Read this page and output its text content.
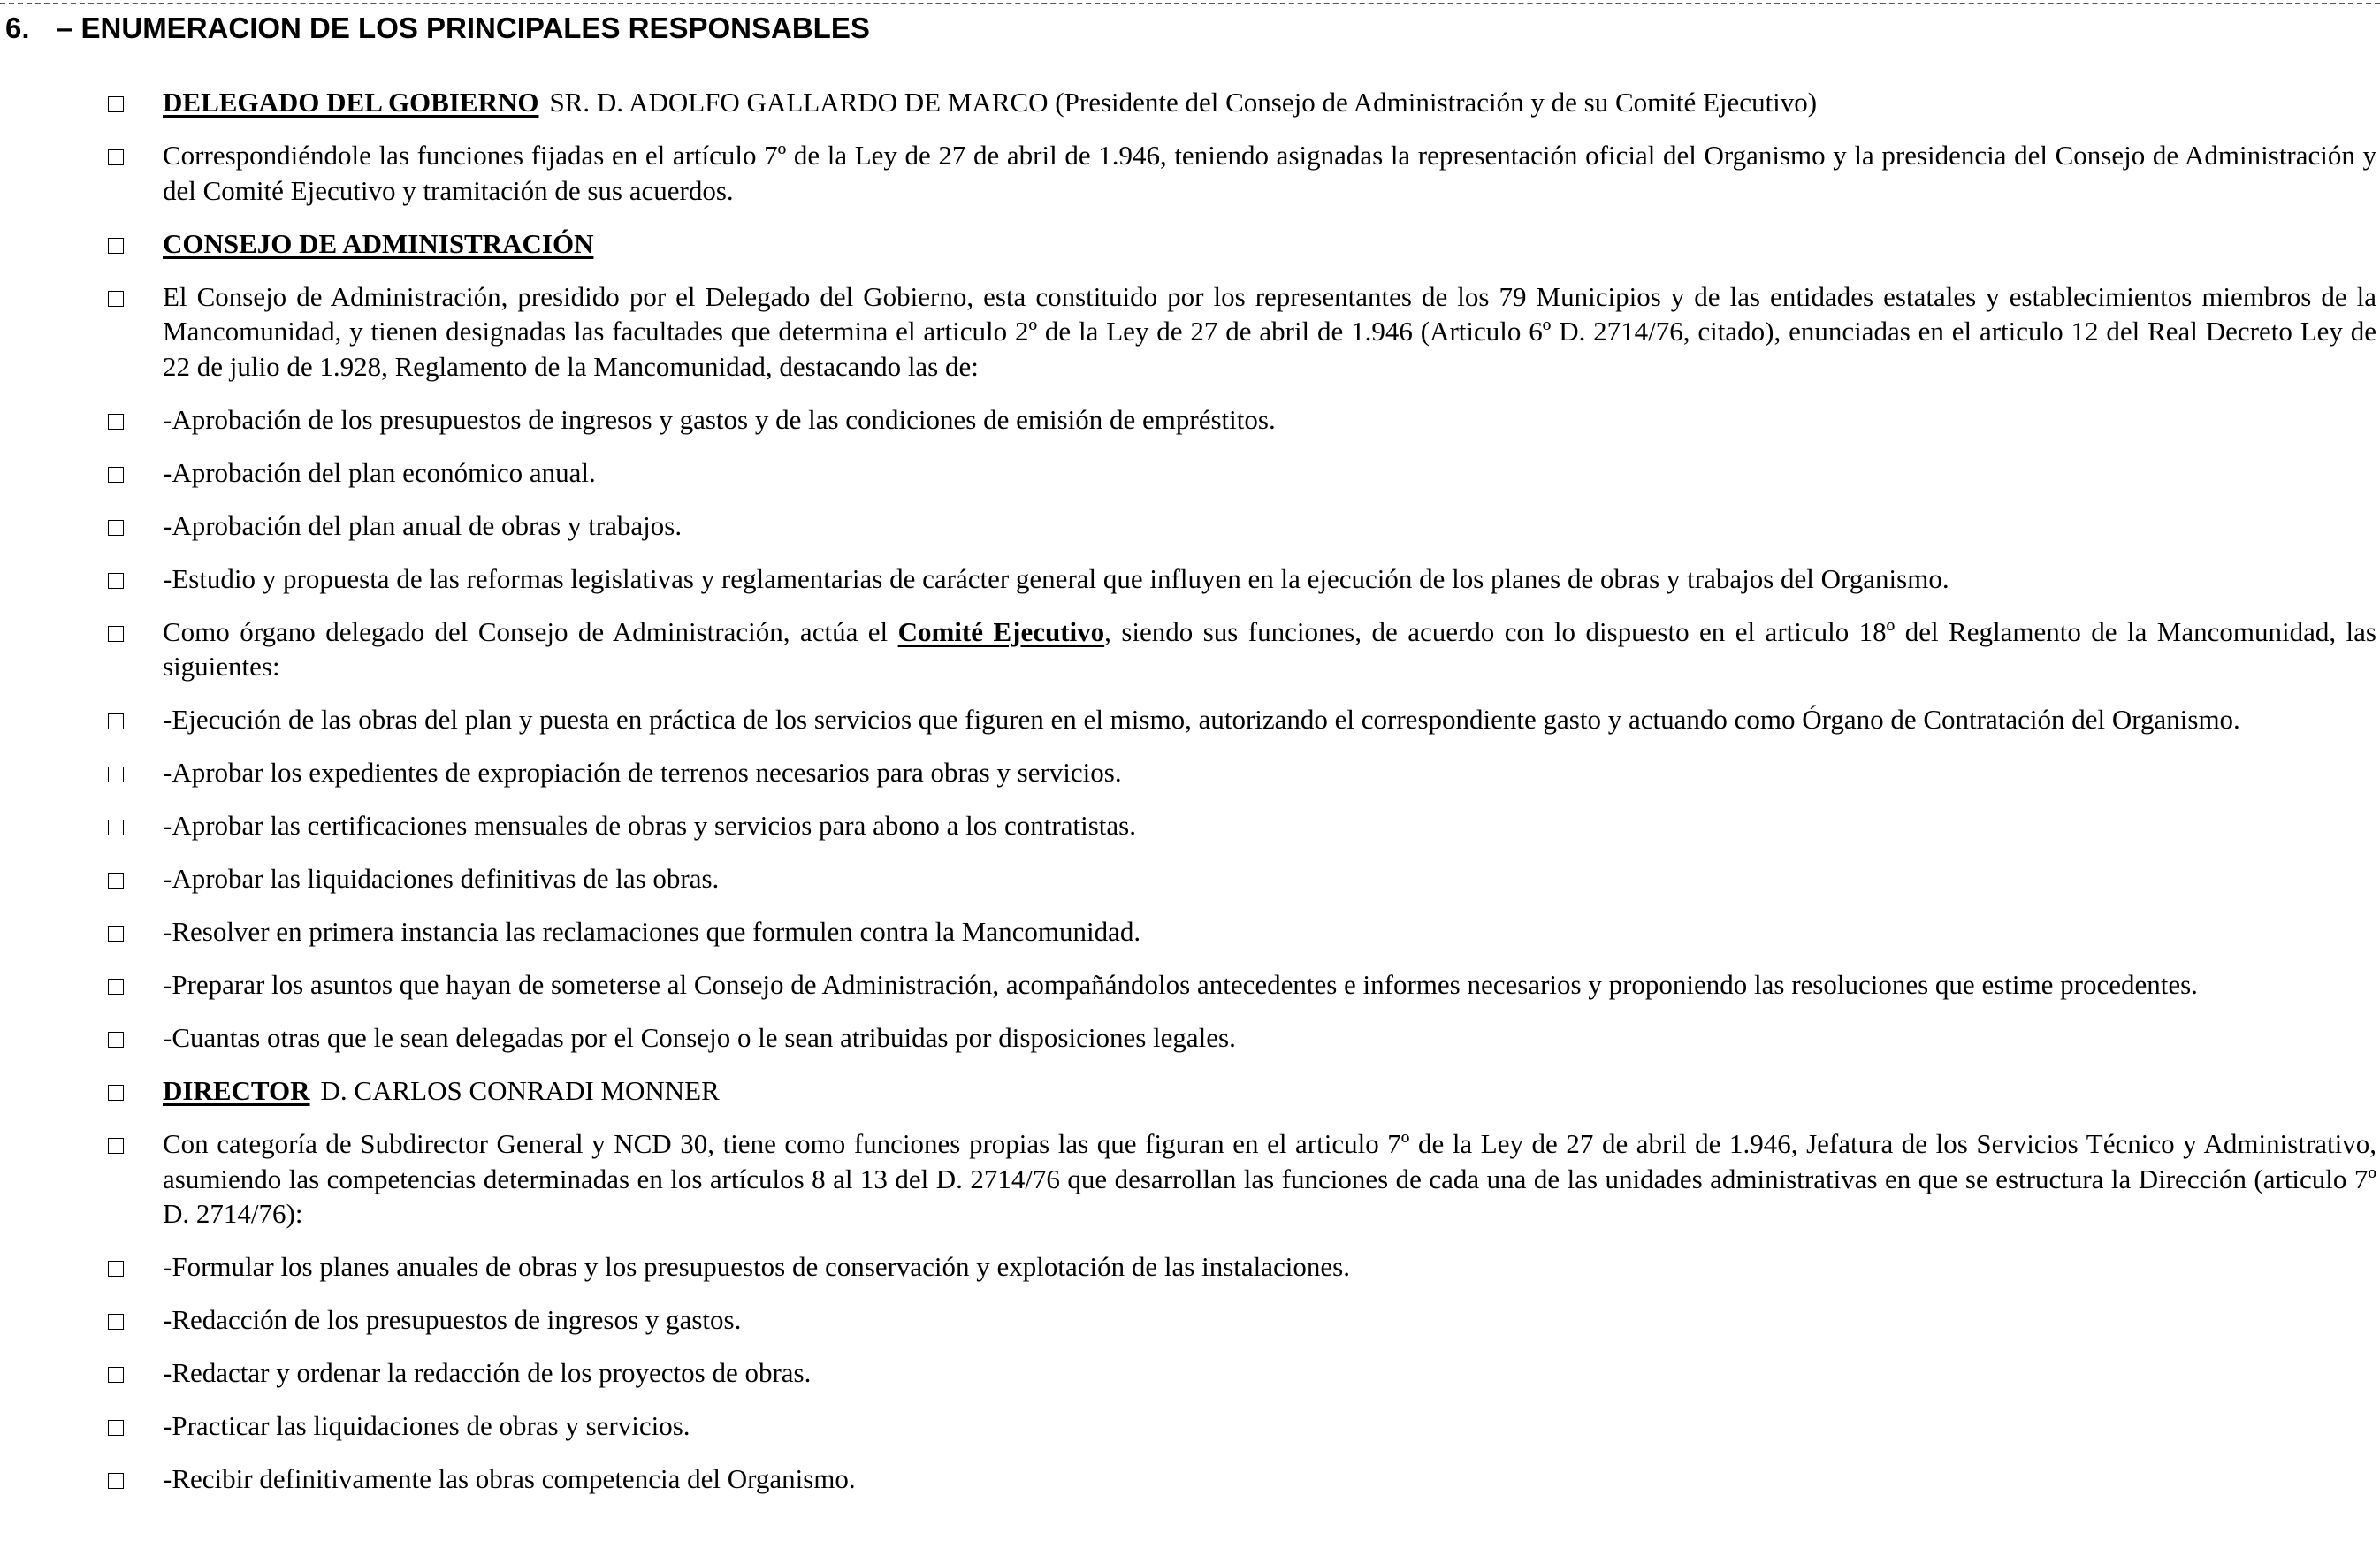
6. – ENUMERACION DE LOS PRINCIPALES RESPONSABLES
DELEGADO DEL GOBIERNO SR. D. ADOLFO GALLARDO DE MARCO (Presidente del Consejo de Administración y de su Comité Ejecutivo)
Correspondiéndole las funciones fijadas en el artículo 7º de la Ley de 27 de abril de 1.946, teniendo asignadas la representación oficial del Organismo y la presidencia del Consejo de Administración y del Comité Ejecutivo y tramitación de sus acuerdos.
CONSEJO DE ADMINISTRACIÓN
El Consejo de Administración, presidido por el Delegado del Gobierno, esta constituido por los representantes de los 79 Municipios y de las entidades estatales y establecimientos miembros de la Mancomunidad, y tienen designadas las facultades que determina el articulo 2º de la Ley de 27 de abril de 1.946 (Articulo 6º D. 2714/76, citado), enunciadas en el articulo 12 del Real Decreto Ley de 22 de julio de 1.928, Reglamento de la Mancomunidad, destacando las de:
-Aprobación de los presupuestos de ingresos y gastos y de las condiciones de emisión de empréstitos.
-Aprobación del plan económico anual.
-Aprobación del plan anual de obras y trabajos.
-Estudio y propuesta de las reformas legislativas y reglamentarias de carácter general que influyen en la ejecución de los planes de obras y trabajos del Organismo.
Como órgano delegado del Consejo de Administración, actúa el Comité Ejecutivo, siendo sus funciones, de acuerdo con lo dispuesto en el articulo 18º del Reglamento de la Mancomunidad, las siguientes:
-Ejecución de las obras del plan y puesta en práctica de los servicios que figuren en el mismo, autorizando el correspondiente gasto y actuando como Órgano de Contratación del Organismo.
-Aprobar los expedientes de expropiación de terrenos necesarios para obras y servicios.
-Aprobar las certificaciones mensuales de obras y servicios para abono a los contratistas.
-Aprobar las liquidaciones definitivas de las obras.
-Resolver en primera instancia las reclamaciones que formulen contra la Mancomunidad.
-Preparar los asuntos que hayan de someterse al Consejo de Administración, acompañándolos antecedentes e informes necesarios y proponiendo las resoluciones que estime procedentes.
-Cuantas otras que le sean delegadas por el Consejo o le sean atribuidas por disposiciones legales.
DIRECTOR D. CARLOS CONRADI MONNER
Con categoría de Subdirector General y NCD 30, tiene como funciones propias las que figuran en el articulo 7º de la Ley de 27 de abril de 1.946, Jefatura de los Servicios Técnico y Administrativo, asumiendo las competencias determinadas en los artículos 8 al 13 del D. 2714/76 que desarrollan las funciones de cada una de las unidades administrativas en que se estructura la Dirección (articulo 7º D. 2714/76):
-Formular los planes anuales de obras y los presupuestos de conservación y explotación de las instalaciones.
-Redacción de los presupuestos de ingresos y gastos.
-Redactar y ordenar la redacción de los proyectos de obras.
-Practicar las liquidaciones de obras y servicios.
-Recibir definitivamente las obras competencia del Organismo.
